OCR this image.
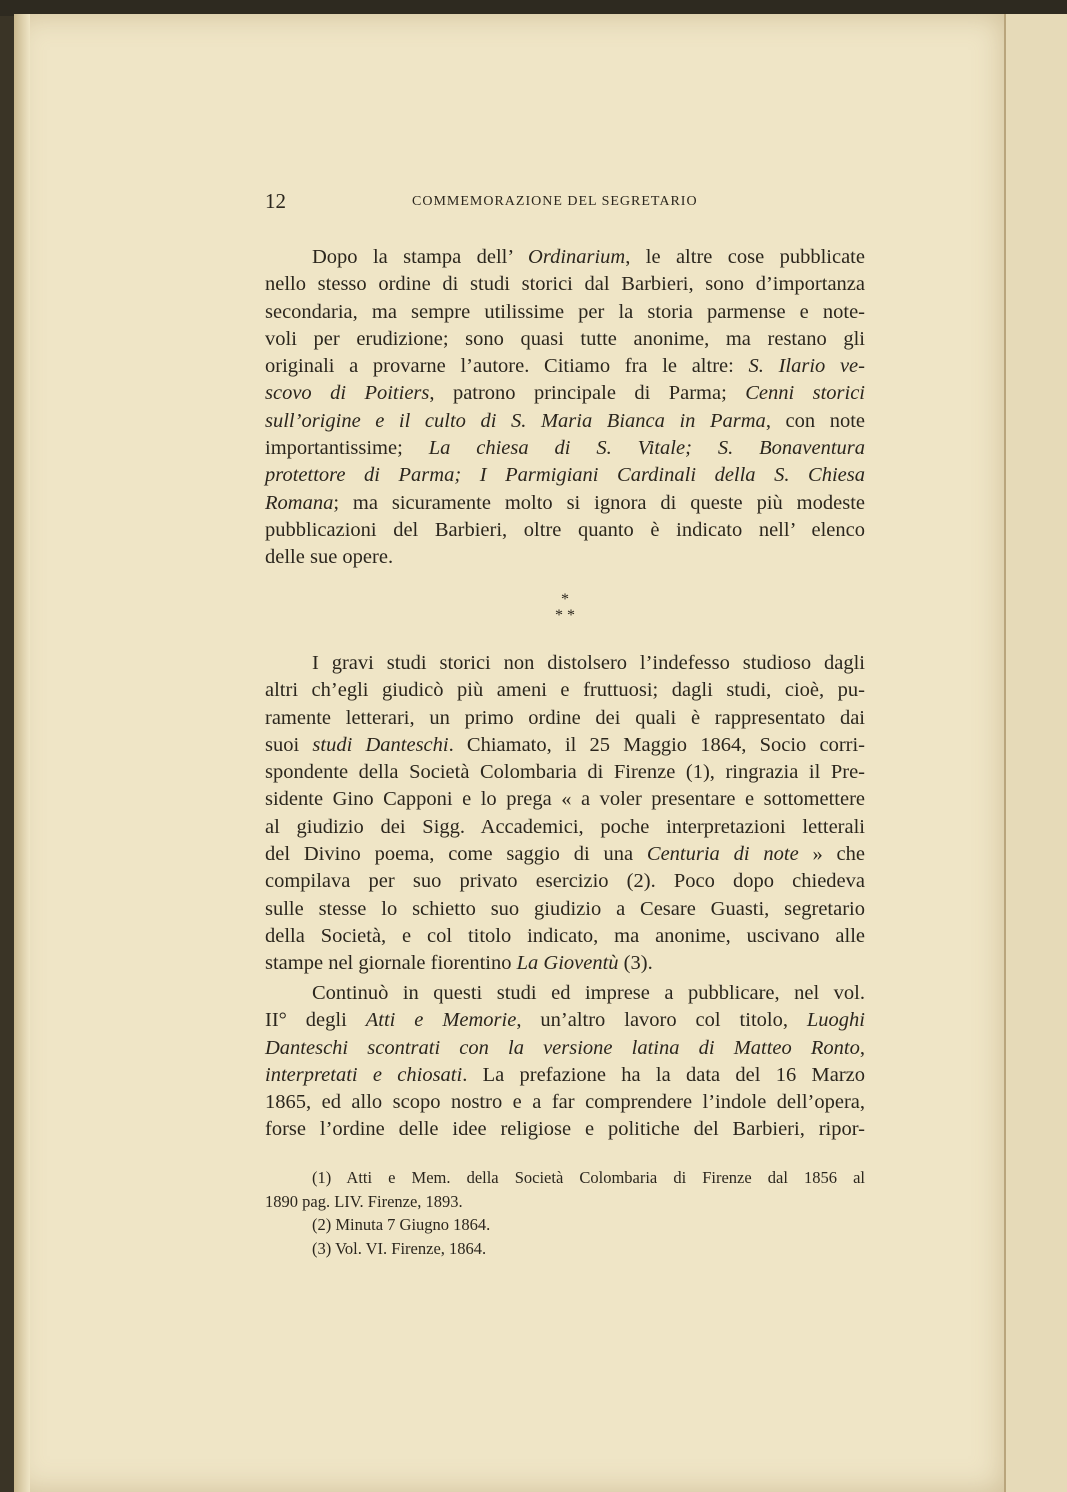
12	COMMEMORAZIONE DEL SEGRETARIO
Dopo la stampa dell’ Ordinarium, le altre cose pubblicate
nello stesso ordine di studi storici dal Barbieri, sono d’importanza
secondaria, ma sempre utilissime per la storia parmense e note-
voli per erudizione; sono quasi tutte anonime, ma restano gli
originali a provarne l’autore. Citiamo fra le altre: S. Ilario ve-
scovo di Poitiers, patrono principale di Parma; Cenni storici
sull’origine e il culto di S. Maria Bianca in Parma, con note
importantissime; La chiesa di S. Vitale; S. Bonaventura
protettore di Parma; I Parmigiani Cardinali della S. Chiesa
Romana; ma sicuramente molto si ignora di queste più modeste
pubblicazioni del Barbieri, oltre quanto è indicato nell’ elenco
delle sue opere.
*
* *
I gravi studi storici non distolsero l’indefesso studioso dagli
altri ch’egli giudicò più ameni e fruttuosi; dagli studi, cioè, pu-
ramente letterari, un primo ordine dei quali è rappresentato dai
suoi studi Danteschi. Chiamato, il 25 Maggio 1864, Socio corri-
spondente della Società Colombaria di Firenze (1), ringrazia il Pre-
sidente Gino Capponi e lo prega « a voler presentare e sottomettere
al giudizio dei Sigg. Accademici, poche interpretazioni letterali
del Divino poema, come saggio di una Centuria di note » che
compilava per suo privato esercizio (2). Poco dopo chiedeva
sulle stesse lo schietto suo giudizio a Cesare Guasti, segretario
della Società, e col titolo indicato, ma anonime, uscivano alle
stampe nel giornale fiorentino La Gioventù (3).
Continuò in questi studi ed imprese a pubblicare, nel vol.
II° degli Atti e Memorie, un’altro lavoro col titolo, Luoghi
Danteschi scontrati con la versione latina di Matteo Ronto,
interpretati e chiosati. La prefazione ha la data del 16 Marzo
1865, ed allo scopo nostro e a far comprendere l’indole dell’opera,
forse l’ordine delle idee religiose e politiche del Barbieri, ripor-
(1) Atti e Mem. della Società Colombaria di Firenze dal 1856 al
1890 pag. LIV. Firenze, 1893.
(2) Minuta 7 Giugno 1864.
(3) Vol. VI. Firenze, 1864.
